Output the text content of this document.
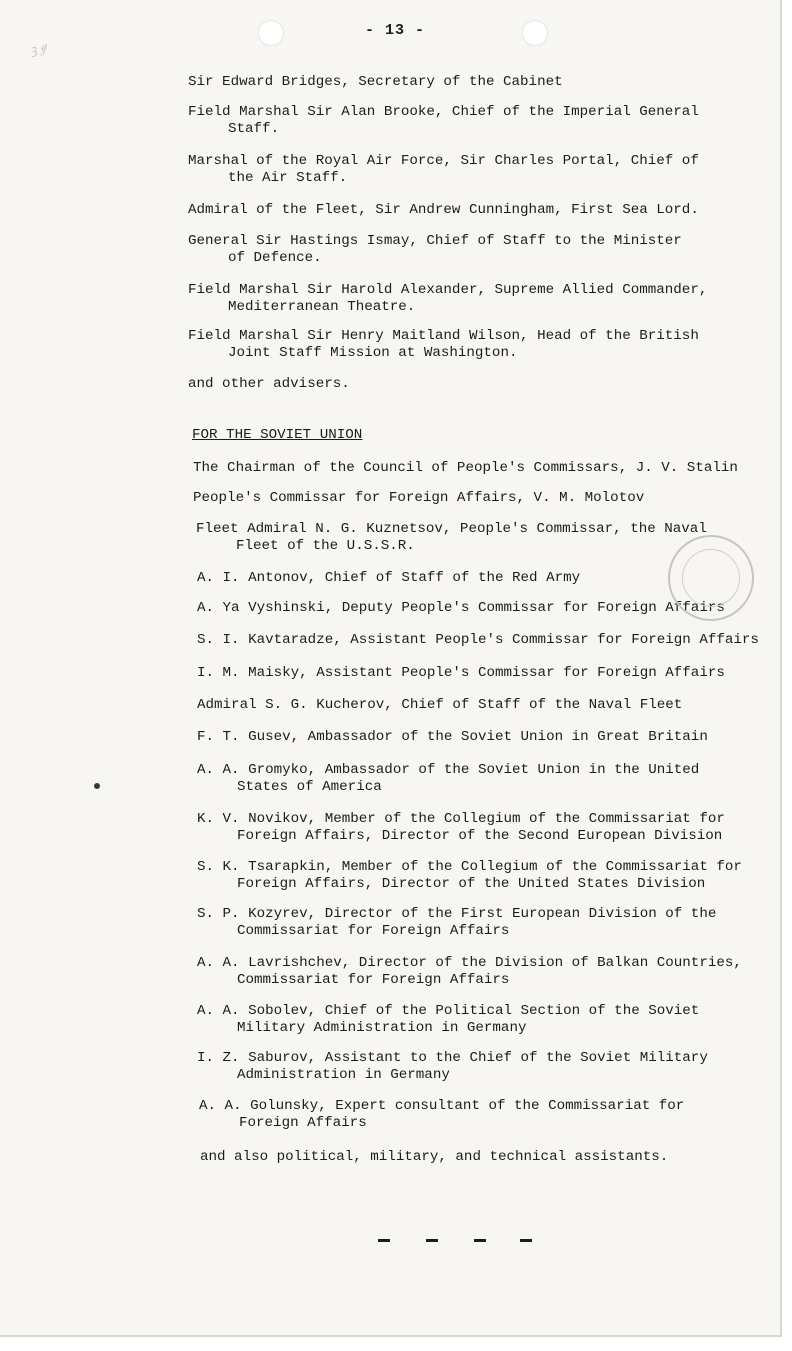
ꝫ ℊ
- 13 -
Sir Edward Bridges, Secretary of the Cabinet
Field Marshal Sir Alan Brooke, Chief of the Imperial General
Staff.
Marshal of the Royal Air Force, Sir Charles Portal, Chief of
the Air Staff.
Admiral of the Fleet, Sir Andrew Cunningham, First Sea Lord.
General Sir Hastings Ismay, Chief of Staff to the Minister
of Defence.
Field Marshal Sir Harold Alexander, Supreme Allied Commander,
Mediterranean Theatre.
Field Marshal Sir Henry Maitland Wilson, Head of the British
Joint Staff Mission at Washington.
and other advisers.
FOR THE SOVIET UNION
The Chairman of the Council of People's Commissars, J. V. Stalin
People's Commissar for Foreign Affairs, V. M. Molotov
Fleet Admiral N. G. Kuznetsov, People's Commissar, the Naval
Fleet of the U.S.S.R.
A. I. Antonov, Chief of Staff of the Red Army
A. Ya Vyshinski, Deputy People's Commissar for Foreign Affairs
S. I. Kavtaradze, Assistant People's Commissar for Foreign Affairs
I. M. Maisky, Assistant People's Commissar for Foreign Affairs
Admiral S. G. Kucherov, Chief of Staff of the Naval Fleet
F. T. Gusev, Ambassador of the Soviet Union in Great Britain
A. A. Gromyko, Ambassador of the Soviet Union in the United
States of America
K. V. Novikov, Member of the Collegium of the Commissariat for
Foreign Affairs, Director of the Second European Division
S. K. Tsarapkin, Member of the Collegium of the Commissariat for
Foreign Affairs, Director of the United States Division
S. P. Kozyrev, Director of the First European Division of the
Commissariat for Foreign Affairs
A. A. Lavrishchev, Director of the Division of Balkan Countries,
Commissariat for Foreign Affairs
A. A. Sobolev, Chief of the Political Section of the Soviet
Military Administration in Germany
I. Z. Saburov, Assistant to the Chief of the Soviet Military
Administration in Germany
A. A. Golunsky, Expert consultant of the Commissariat for
Foreign Affairs
and also political, military, and technical assistants.
